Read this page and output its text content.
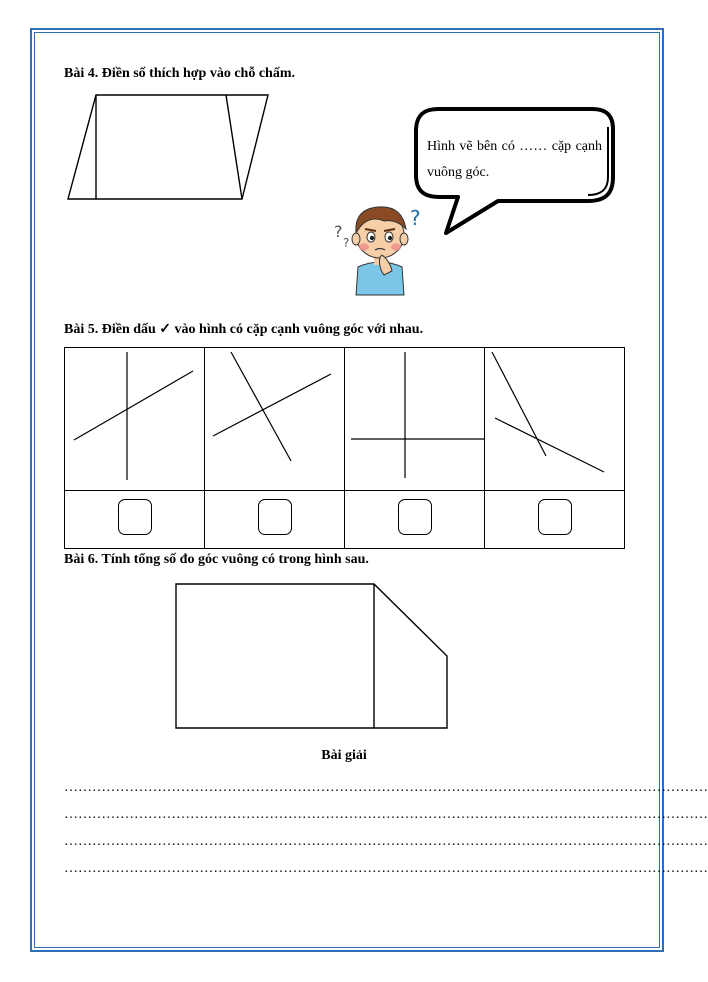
Bài 4. Điền số thích hợp vào chỗ chấm.
Hình vẽ bên có …… cặp cạnh vuông góc.
?
?
?
Bài 5. Điền dấu ✓ vào hình có cặp cạnh vuông góc với nhau.

Bài 6. Tính tổng số đo góc vuông có trong hình sau.
Bài giải
…………………………………………………………………………………………………………………………
…………………………………………………………………………………………………………………………
…………………………………………………………………………………………………………………………
…………………………………………………………………………………………………………………………
